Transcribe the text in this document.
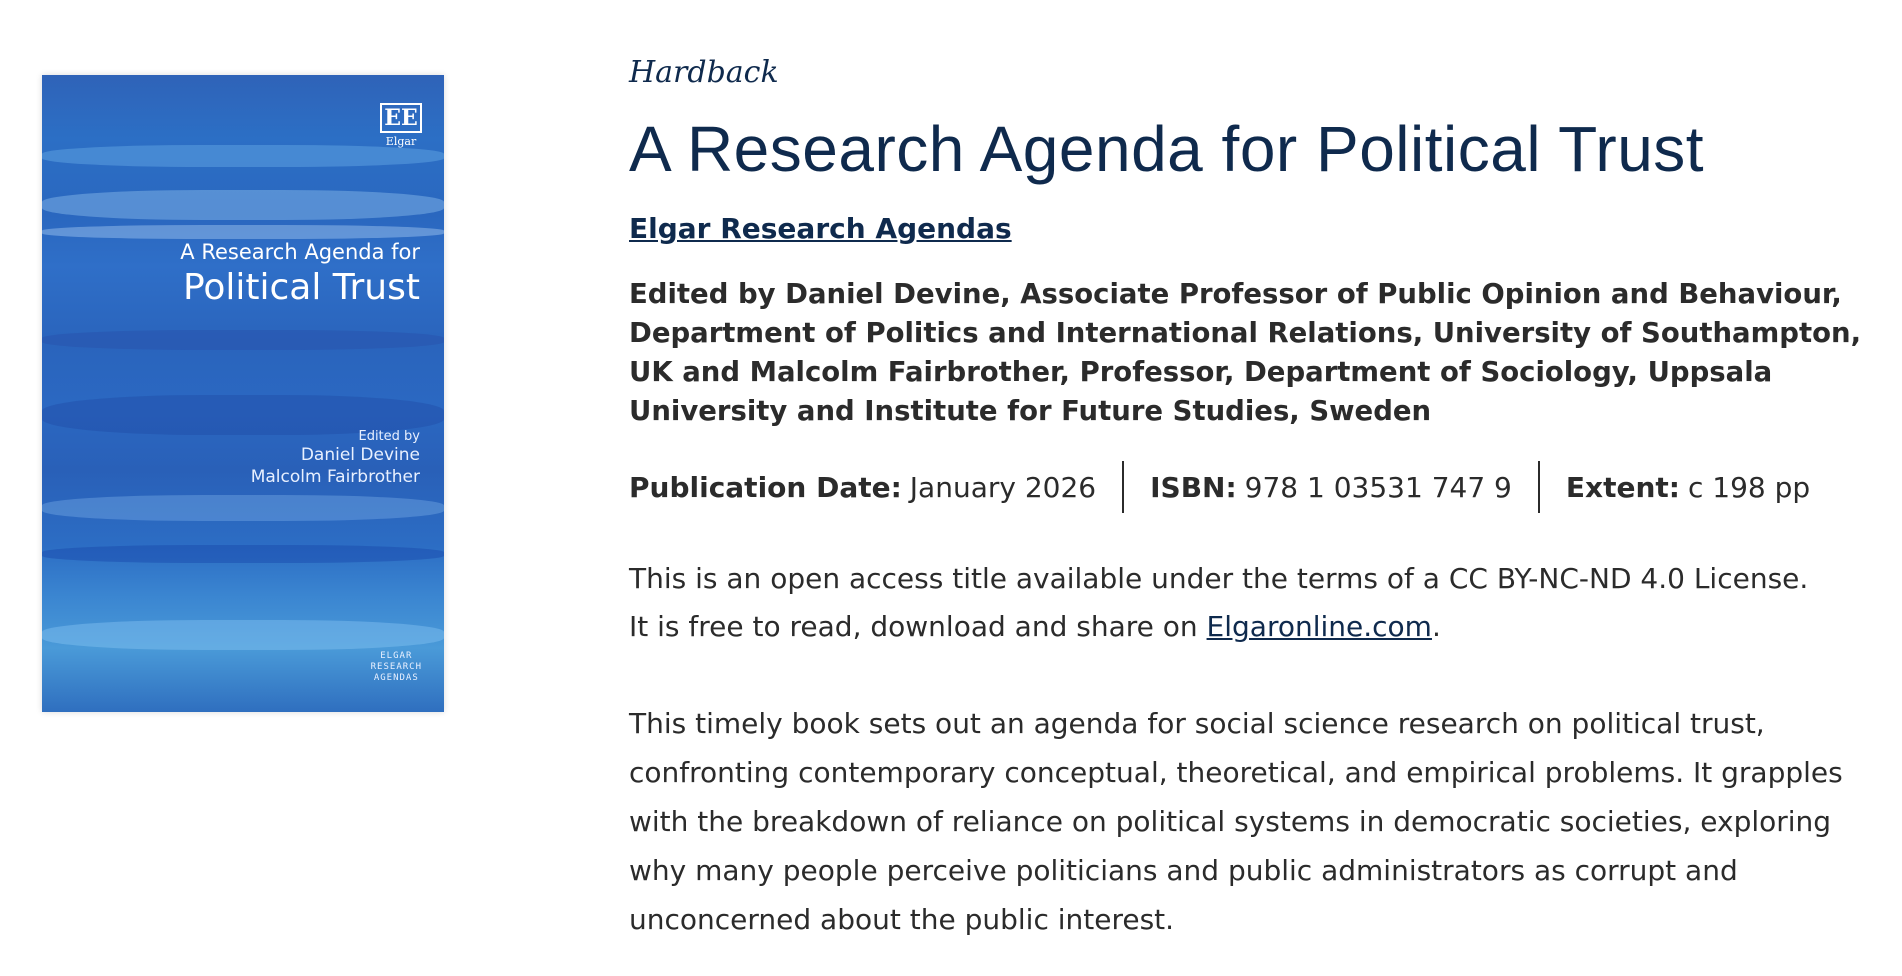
EE
Elgar
A Research Agenda for
Political Trust
Edited by
Daniel Devine
Malcolm Fairbrother
ELGAR
RESEARCH
AGENDAS

Hardback

A Research Agenda for Political Trust
Elgar Research Agendas
Edited by Daniel Devine, Associate Professor of Public Opinion and Behaviour, Department of Politics and International Relations, University of Southampton, UK and Malcolm Fairbrother, Professor, Department of Sociology, Uppsala University and Institute for Future Studies, Sweden
Publication Date: January 2026 ISBN: 978 1 03531 747 9 Extent: c 198 pp
This is an open access title available under the terms of a CC BY-NC-ND 4.0 License.
It is free to read, download and share on Elgaronline.com.
This timely book sets out an agenda for social science research on political trust, confronting contemporary conceptual, theoretical, and empirical problems. It grapples with the breakdown of reliance on political systems in democratic societies, exploring why many people perceive politicians and public administrators as corrupt and unconcerned about the public interest.
